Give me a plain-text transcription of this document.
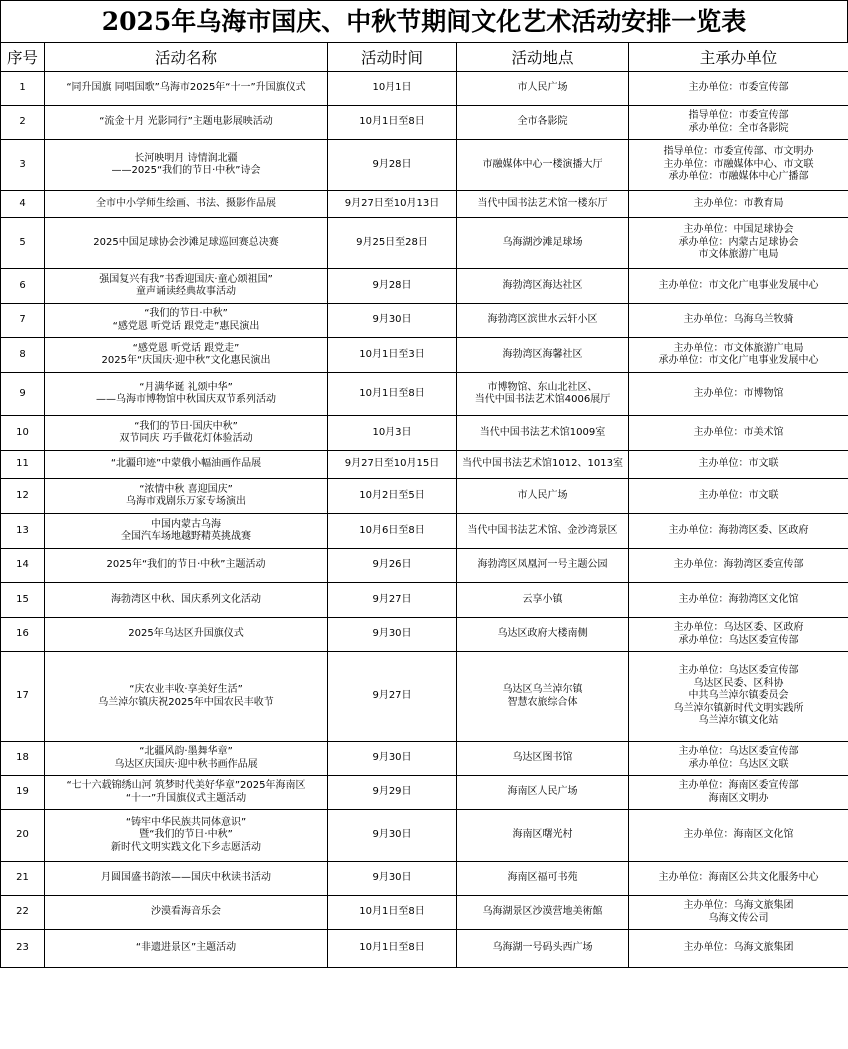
2025年乌海市国庆、中秋节期间文化艺术活动安排一览表
序号	活动名称	活动时间	活动地点	主承办单位
1	“同升国旗 同唱国歌”乌海市2025年“十一”升国旗仪式	10月1日	市人民广场	主办单位：市委宣传部

2	“流金十月 光影同行”主题电影展映活动	10月1日至8日	全市各影院	指导单位：市委宣传部
承办单位：全市各影院

3	长河映明月 诗情润北疆
——2025“我们的节日·中秋”诗会	9月28日	市融媒体中心一楼演播大厅	指导单位：市委宣传部、市文明办
主办单位：市融媒体中心、市文联
承办单位：市融媒体中心广播部

4	全市中小学师生绘画、书法、摄影作品展	9月27日至10月13日	当代中国书法艺术馆一楼东厅	主办单位：市教育局

5	2025中国足球协会沙滩足球巡回赛总决赛	9月25日至28日	乌海湖沙滩足球场	主办单位：中国足球协会
承办单位：内蒙古足球协会
市文体旅游广电局

6	强国复兴有我”书香迎国庆·童心颂祖国”
童声诵读经典故事活动	9月28日	海勃湾区海达社区	主办单位：市文化广电事业发展中心

7	“我们的节日·中秋”
“感党恩 听党话 跟党走”惠民演出	9月30日	海勃湾区滨世水云轩小区	主办单位：乌海乌兰牧骑

8	“感党恩 听党话 跟党走”
2025年“庆国庆·迎中秋”文化惠民演出	10月1日至3日	海勃湾区海馨社区	主办单位：市文体旅游广电局
承办单位：市文化广电事业发展中心

9	“月满华诞 礼颂中华”
——乌海市博物馆中秋国庆双节系列活动	10月1日至8日	市博物馆、东山北社区、
当代中国书法艺术馆4006展厅	主办单位：市博物馆

10	“我们的节日·国庆中秋”
双节同庆 巧手做花灯体验活动	10月3日	当代中国书法艺术馆1009室	主办单位：市美术馆

11	“北疆印迹”中蒙俄小幅油画作品展	9月27日至10月15日	当代中国书法艺术馆1012、1013室	主办单位：市文联

12	“浓情中秋 喜迎国庆”
乌海市戏剧乐万家专场演出	10月2日至5日	市人民广场	主办单位：市文联

13	中国内蒙古乌海
全国汽车场地越野精英挑战赛	10月6日至8日	当代中国书法艺术馆、金沙湾景区	主办单位：海勃湾区委、区政府

14	2025年“我们的节日·中秋”主题活动	9月26日	海勃湾区凤凰河一号主题公园	主办单位：海勃湾区委宣传部

15	海勃湾区中秋、国庆系列文化活动	9月27日	云享小镇	主办单位：海勃湾区文化馆

16	2025年乌达区升国旗仪式	9月30日	乌达区政府大楼南侧	主办单位：乌达区委、区政府
承办单位：乌达区委宣传部

17	“庆农业丰收·享美好生活”
乌兰淖尔镇庆祝2025年中国农民丰收节	9月27日	乌达区乌兰淖尔镇
智慧农旅综合体	主办单位：乌达区委宣传部
乌达区民委、区科协
中共乌兰淖尔镇委员会
乌兰淖尔镇新时代文明实践所
乌兰淖尔镇文化站

18	“北疆风韵·墨舞华章”
乌达区庆国庆·迎中秋书画作品展	9月30日	乌达区图书馆	主办单位：乌达区委宣传部
承办单位：乌达区文联

19	“七十六载锦绣山河 筑梦时代美好华章”2025年海南区
“十一”升国旗仪式主题活动	9月29日	海南区人民广场	主办单位：海南区委宣传部
海南区文明办

20	“铸牢中华民族共同体意识”
暨“我们的节日·中秋”
新时代文明实践文化下乡志愿活动	9月30日	海南区曙光村	主办单位：海南区文化馆

21	月圆国盛书韵浓——国庆中秋读书活动	9月30日	海南区福可书苑	主办单位：海南区公共文化服务中心

22	沙漠看海音乐会	10月1日至8日	乌海湖景区沙漠营地美術館	主办单位：乌海文旅集团
乌海文传公司

23	“非遗进景区”主题活动	10月1日至8日	乌海湖一号码头西广场	主办单位：乌海文旅集团
